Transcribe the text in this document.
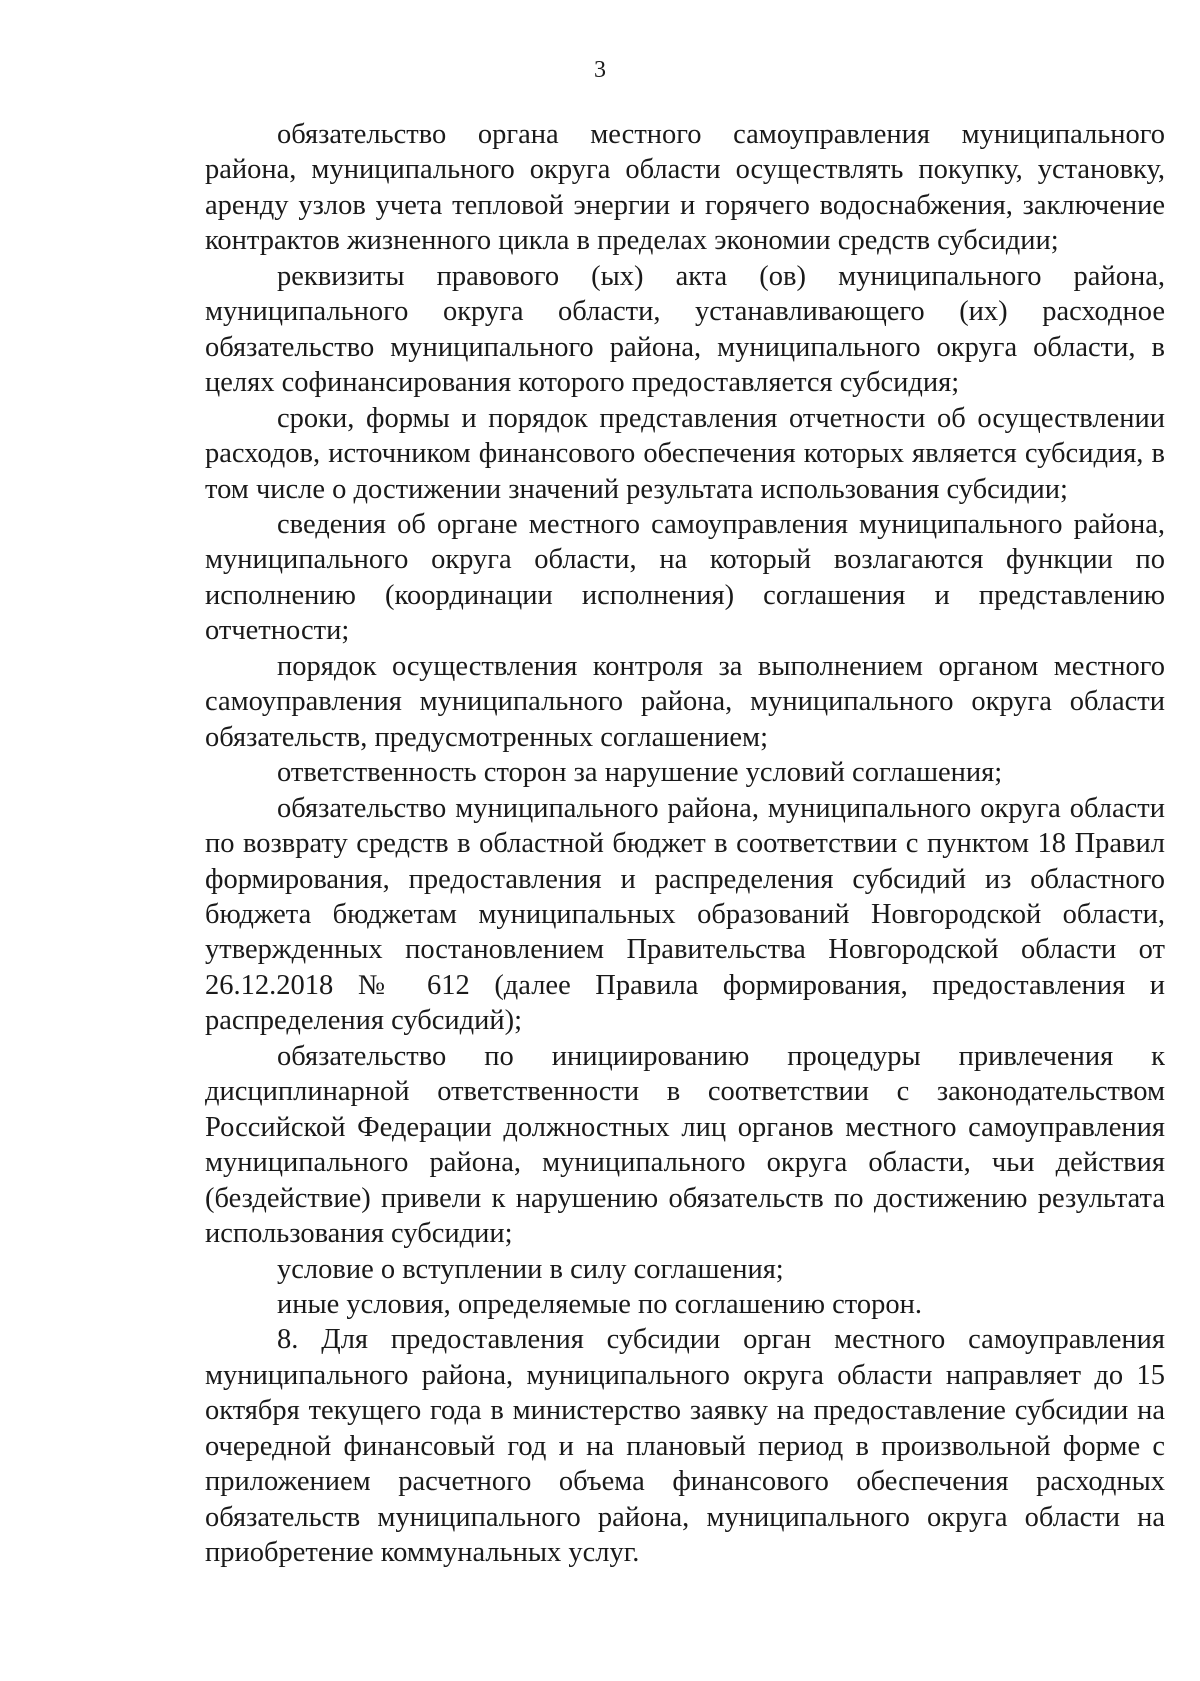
3

обязательство органа местного самоуправления муниципального района, муниципального округа области осуществлять покупку, установку, аренду узлов учета тепловой энергии и горячего водоснабжения, заключение контрактов жизненного цикла в пределах экономии средств субсидии;

реквизиты правового (ых) акта (ов) муниципального района, муниципального округа области, устанавливающего (их) расходное обязательство муниципального района, муниципального округа области, в целях софинансирования которого предоставляется субсидия;

сроки, формы и порядок представления отчетности об осуществлении расходов, источником финансового обеспечения которых является субсидия, в том числе о достижении значений результата использования субсидии;

сведения об органе местного самоуправления муниципального района, муниципального округа области, на который возлагаются функции по исполнению (координации исполнения) соглашения и представлению отчетности;

порядок осуществления контроля за выполнением органом местного самоуправления муниципального района, муниципального округа области обязательств, предусмотренных соглашением;

ответственность сторон за нарушение условий соглашения;

обязательство муниципального района, муниципального округа области по возврату средств в областной бюджет в соответствии с пунктом 18 Правил формирования, предоставления и распределения субсидий из областного бюджета бюджетам муниципальных образований Новгородской области, утвержденных постановлением Правительства Новгородской области от 26.12.2018 № 612 (далее Правила формирования, предоставления и распределения субсидий);

обязательство по инициированию процедуры привлечения к дисциплинарной ответственности в соответствии с законодательством Российской Федерации должностных лиц органов местного самоуправления муниципального района, муниципального округа области, чьи действия (бездействие) привели к нарушению обязательств по достижению результата использования субсидии;

условие о вступлении в силу соглашения;

иные условия, определяемые по соглашению сторон.

8. Для предоставления субсидии орган местного самоуправления муниципального района, муниципального округа области направляет до 15 октября текущего года в министерство заявку на предоставление субсидии на очередной финансовый год и на плановый период в произвольной форме с приложением расчетного объема финансового обеспечения расходных обязательств муниципального района, муниципального округа области на приобретение коммунальных услуг.
